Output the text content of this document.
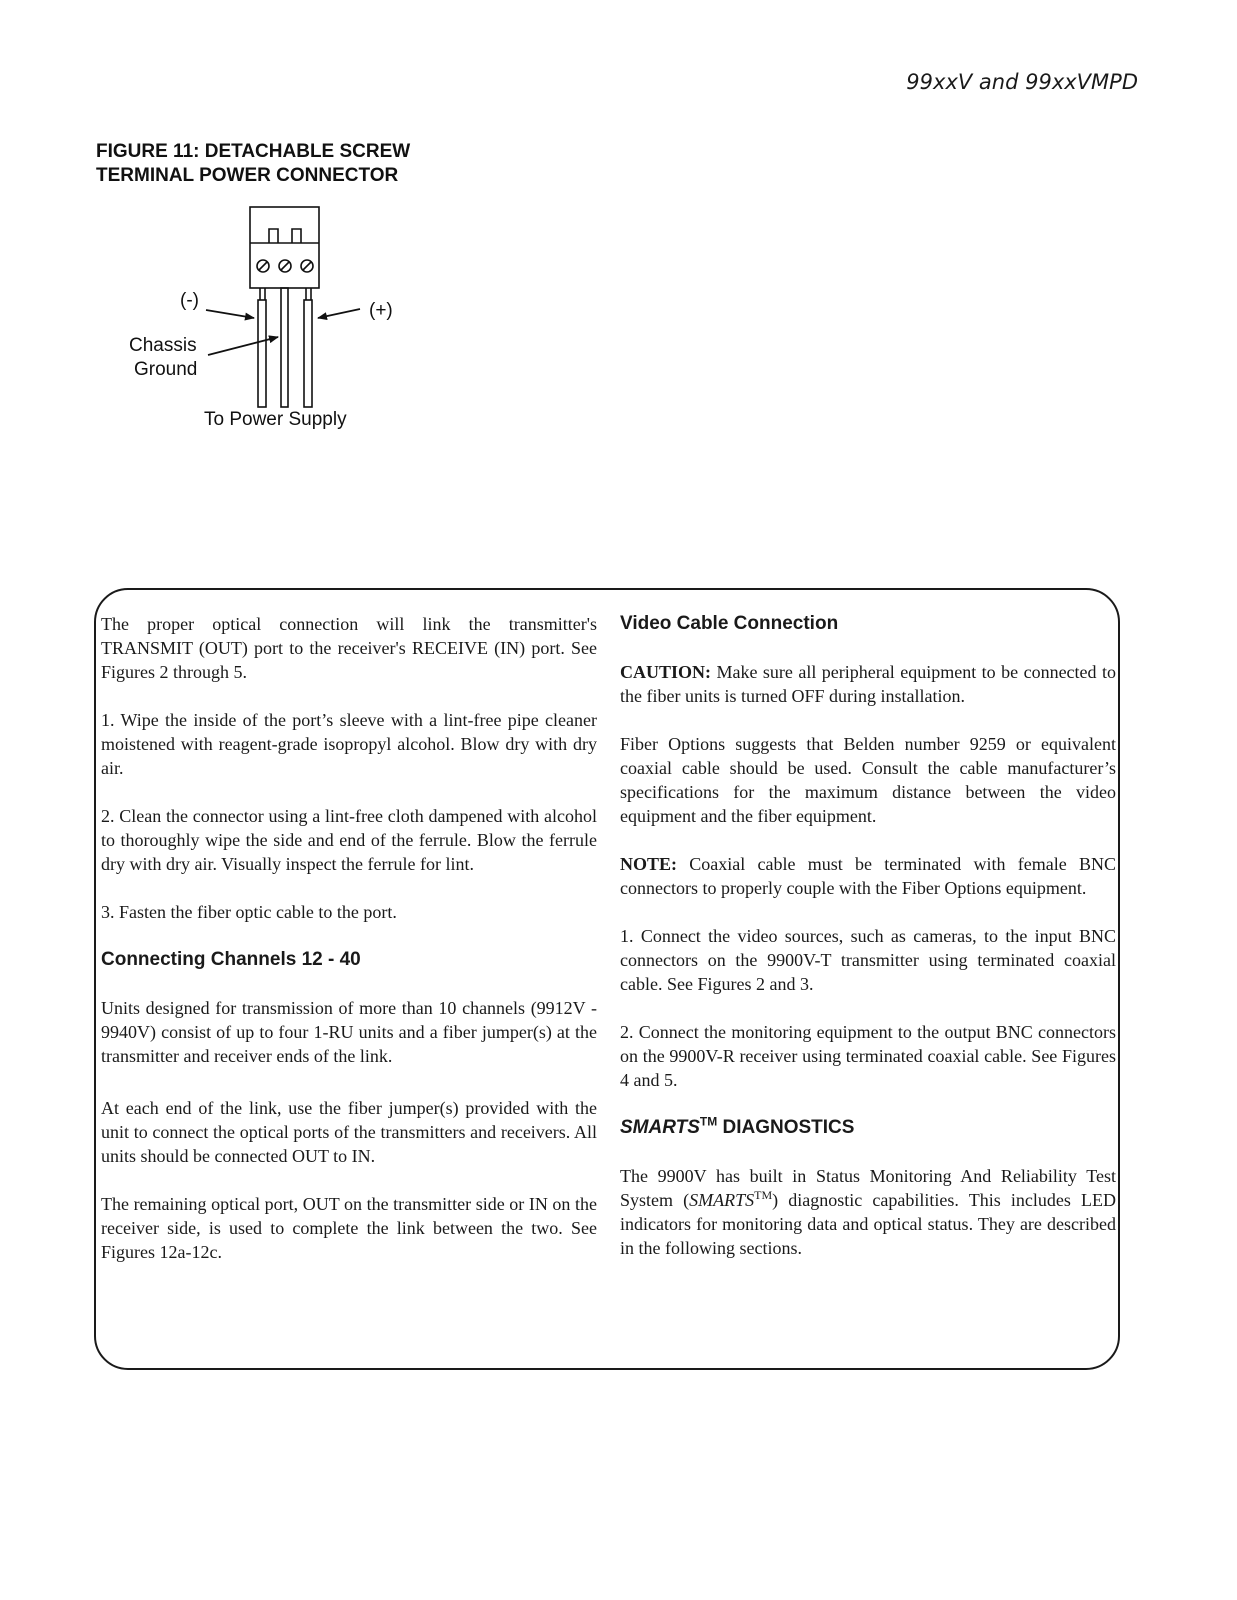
99xxV and 99xxVMPD
FIGURE 11: DETACHABLE SCREW
TERMINAL POWER CONNECTOR
(-)	(+)
Chassis
Ground
To Power Supply

The proper optical connection will link the transmitter's TRANSMIT (OUT) port to the receiver's RECEIVE (IN) port. See Figures 2 through 5.

1. Wipe the inside of the port’s sleeve with a lint-free pipe cleaner moistened with reagent-grade isopropyl alcohol. Blow dry with dry air.

2. Clean the connector using a lint-free cloth dampened with alcohol to thoroughly wipe the side and end of the ferrule. Blow the ferrule dry with dry air. Visually inspect the ferrule for lint.

3. Fasten the fiber optic cable to the port.

Connecting Channels 12 - 40

Units designed for transmission of more than 10 channels (9912V - 9940V) consist of up to four 1-RU units and a fiber jumper(s) at the transmitter and receiver ends of the link.

At each end of the link, use the fiber jumper(s) provided with the unit to connect the optical ports of the transmitters and receivers. All units should be connected OUT to IN.

The remaining optical port, OUT on the transmitter side or IN on the receiver side, is used to complete the link between the two. See Figures 12a-12c.

Video Cable Connection

CAUTION: Make sure all peripheral equipment to be connected to the fiber units is turned OFF during installation.

Fiber Options suggests that Belden number 9259 or equivalent coaxial cable should be used. Consult the cable manufacturer’s specifications for the maximum distance between the video equipment and the fiber equipment.

NOTE: Coaxial cable must be terminated with female BNC connectors to properly couple with the Fiber Options equipment.

1. Connect the video sources, such as cameras, to the input BNC connectors on the 9900V-T transmitter using terminated coaxial cable. See Figures 2 and 3.

2. Connect the monitoring equipment to the output BNC connectors on the 9900V-R receiver using terminated coaxial cable. See Figures 4 and 5.

SMARTS™ DIAGNOSTICS

The 9900V has built in Status Monitoring And Reliability Test System (SMARTS™) diagnostic capabilities. This includes LED indicators for monitoring data and optical status. They are described in the following sections.
